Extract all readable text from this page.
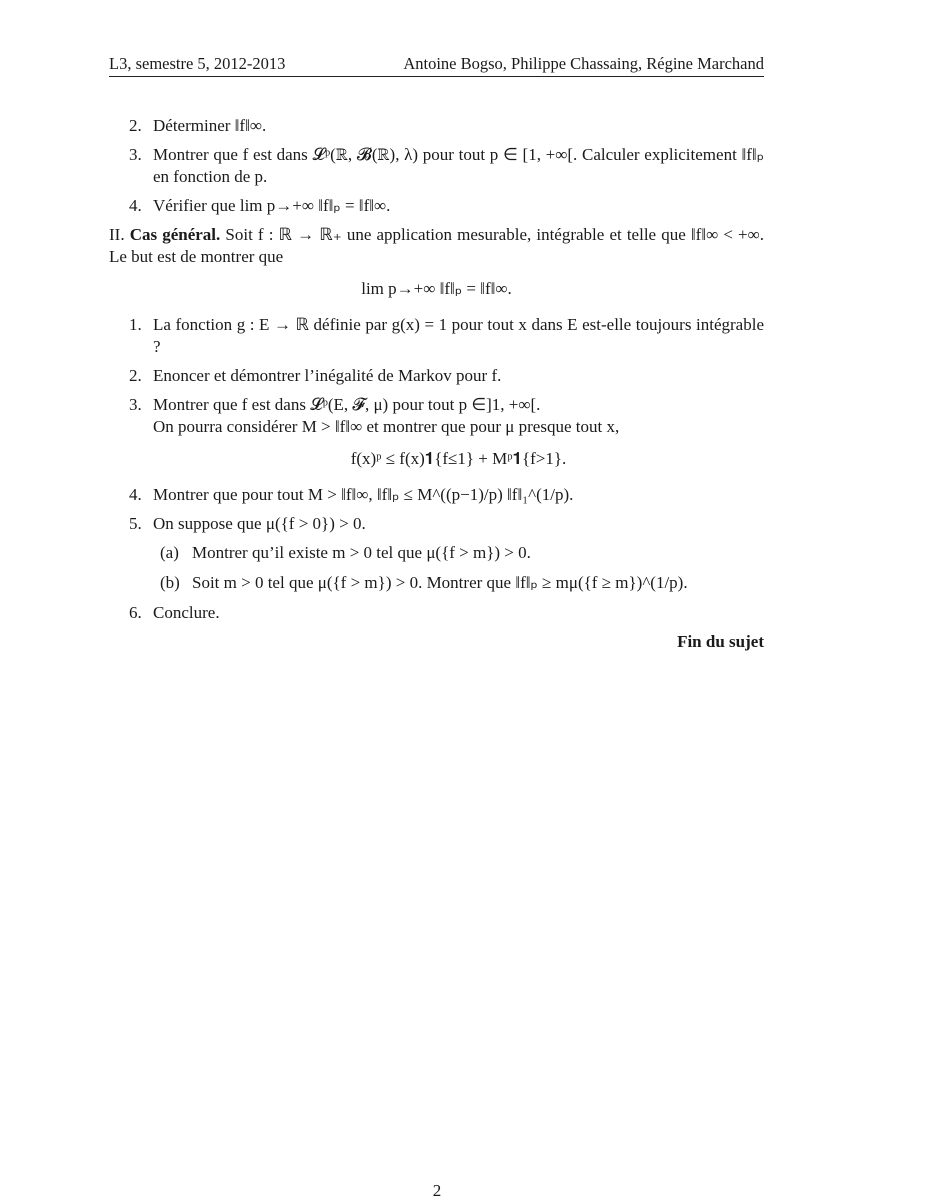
L3, semestre 5, 2012-2013	Antoine Bogso, Philippe Chassaing, Régine Marchand
2. Déterminer ‖f‖∞.
3. Montrer que f est dans 𝓛ᵖ(ℝ, 𝓑(ℝ), λ) pour tout p ∈ [1, +∞[. Calculer explicitement ‖f‖ₚ en fonction de p.
4. Vérifier que lim p→+∞ ‖f‖ₚ = ‖f‖∞.
II. Cas général. Soit f : ℝ → ℝ₊ une application mesurable, intégrable et telle que ‖f‖∞ < +∞. Le but est de montrer que
lim p→+∞ ‖f‖ₚ = ‖f‖∞.
1. La fonction g : E → ℝ définie par g(x) = 1 pour tout x dans E est-elle toujours intégrable ?
2. Enoncer et démontrer l’inégalité de Markov pour f.
3. Montrer que f est dans 𝓛ᵖ(E, 𝓕, μ) pour tout p ∈]1, +∞[.
On pourra considérer M > ‖f‖∞ et montrer que pour μ presque tout x,
f(x)ᵖ ≤ f(x)𝟏{f≤1} + Mᵖ𝟏{f>1}.
4. Montrer que pour tout M > ‖f‖∞, ‖f‖ₚ ≤ M^((p−1)/p) ‖f‖₁^(1/p).
5. On suppose que μ({f > 0}) > 0.
(a) Montrer qu’il existe m > 0 tel que μ({f > m}) > 0.
(b) Soit m > 0 tel que μ({f > m}) > 0. Montrer que ‖f‖ₚ ≥ mμ({f ≥ m})^(1/p).
6. Conclure.
Fin du sujet
2
